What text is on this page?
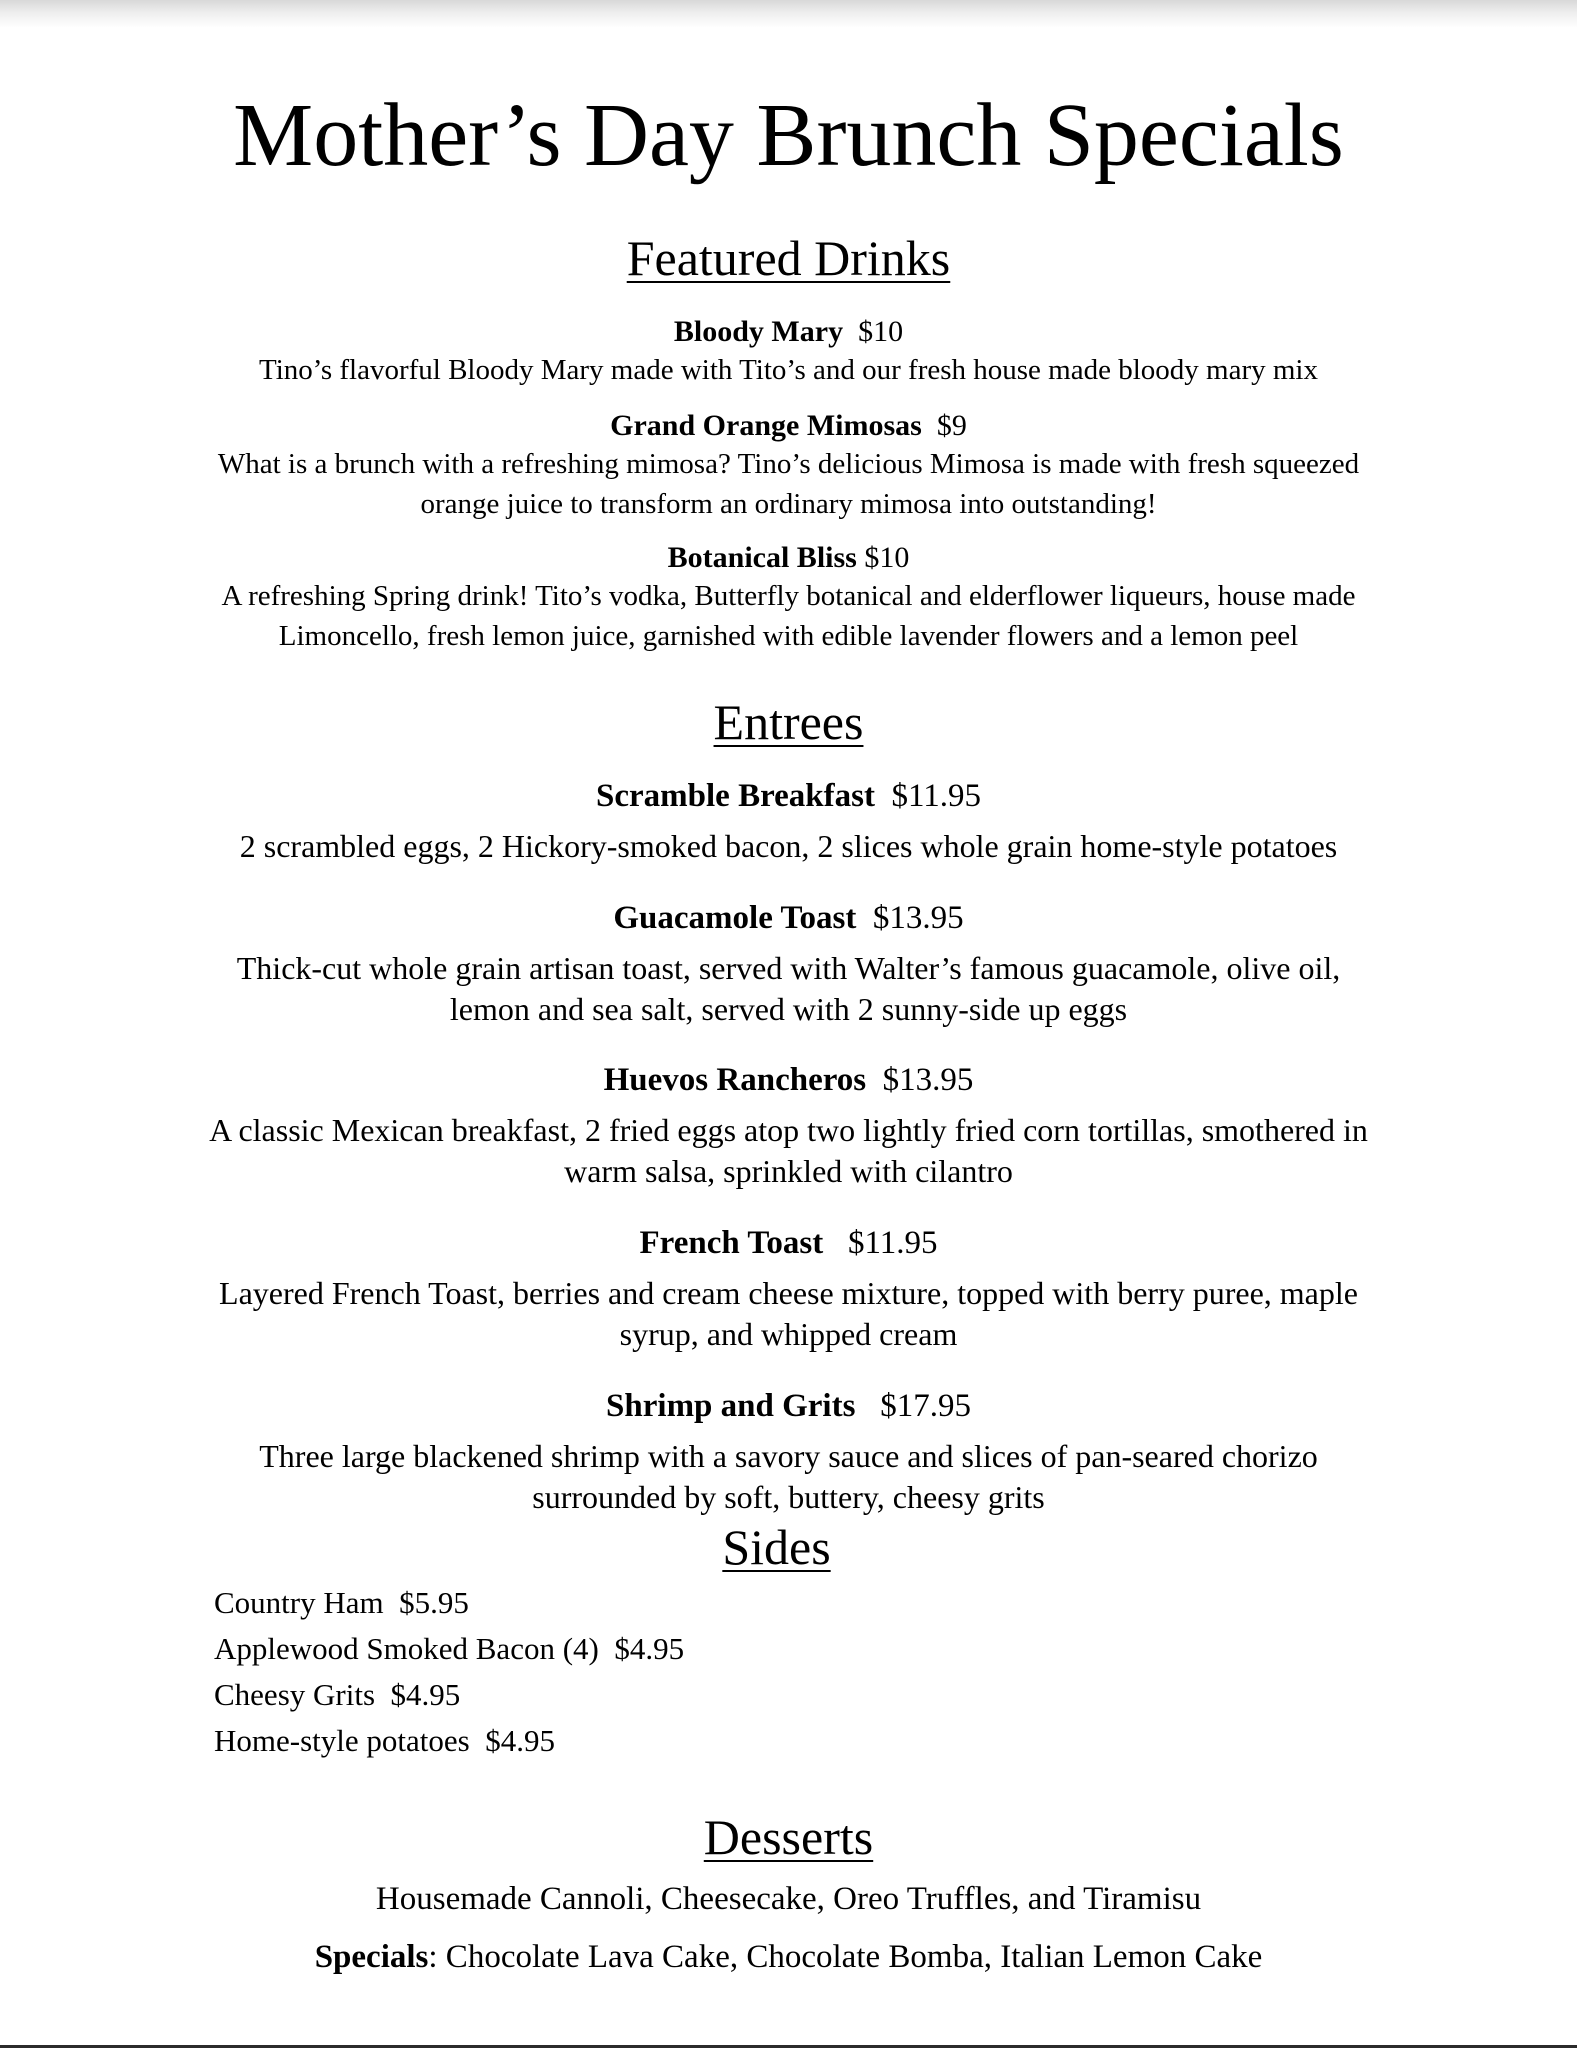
Mother’s Day Brunch Specials
Featured Drinks
Bloody Mary $10
Tino’s flavorful Bloody Mary made with Tito’s and our fresh house made bloody mary mix
Grand Orange Mimosas $9
What is a brunch with a refreshing mimosa? Tino’s delicious Mimosa is made with fresh squeezed
orange juice to transform an ordinary mimosa into outstanding!
Botanical Bliss $10
A refreshing Spring drink! Tito’s vodka, Butterfly botanical and elderflower liqueurs, house made
Limoncello, fresh lemon juice, garnished with edible lavender flowers and a lemon peel
Entrees
Scramble Breakfast $11.95
2 scrambled eggs, 2 Hickory-smoked bacon, 2 slices whole grain home-style potatoes
Guacamole Toast $13.95
Thick-cut whole grain artisan toast, served with Walter’s famous guacamole, olive oil,
lemon and sea salt, served with 2 sunny-side up eggs
Huevos Rancheros $13.95
A classic Mexican breakfast, 2 fried eggs atop two lightly fried corn tortillas, smothered in
warm salsa, sprinkled with cilantro
French Toast $11.95
Layered French Toast, berries and cream cheese mixture, topped with berry puree, maple
syrup, and whipped cream
Shrimp and Grits $17.95
Three large blackened shrimp with a savory sauce and slices of pan-seared chorizo
surrounded by soft, buttery, cheesy grits
Sides
Country Ham $5.95
Applewood Smoked Bacon (4) $4.95
Cheesy Grits $4.95
Home-style potatoes $4.95
Desserts
Housemade Cannoli, Cheesecake, Oreo Truffles, and Tiramisu
Specials: Chocolate Lava Cake, Chocolate Bomba, Italian Lemon Cake
